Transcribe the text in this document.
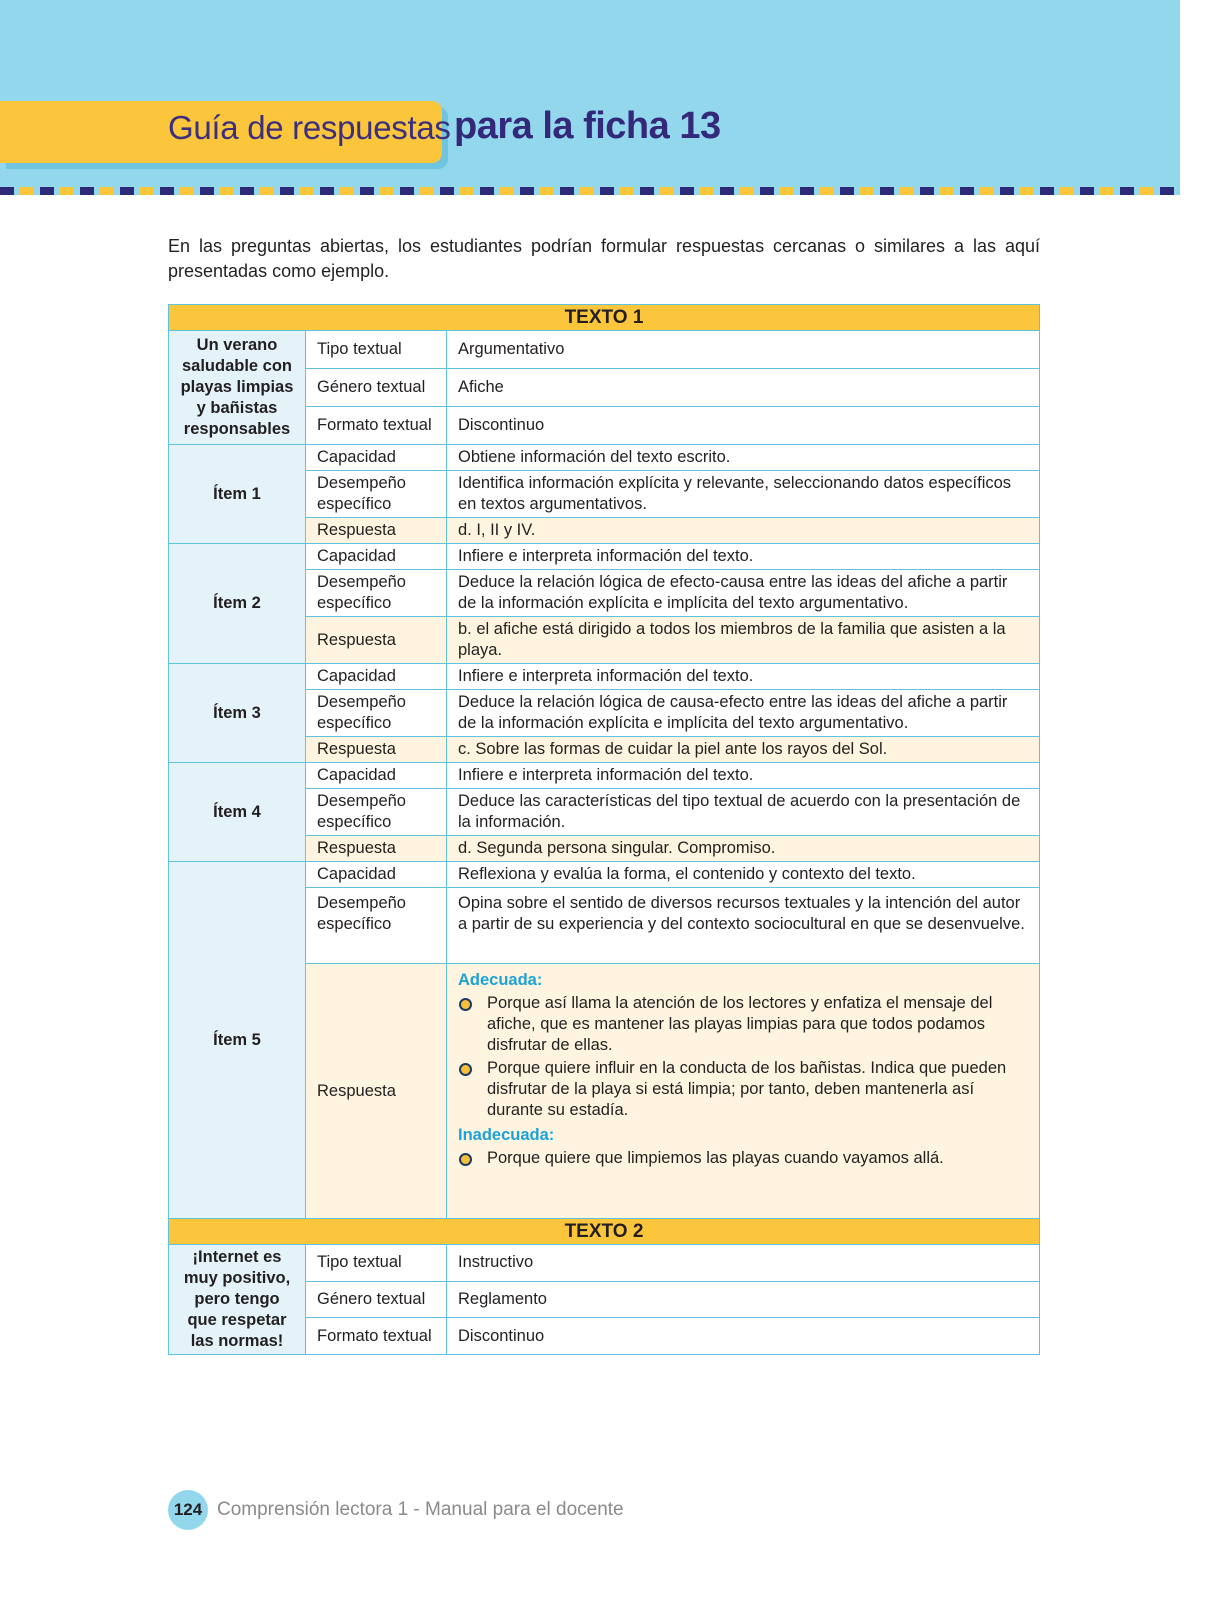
Guía de respuestas para la ficha 13

En las preguntas abiertas, los estudiantes podrían formular respuestas cercanas o similares a las aquí presentadas como ejemplo.

TEXTO 1		
Un verano saludable con playas limpias y bañistas responsables	Tipo textual	Argumentativo
	Género textual	Afiche
	Formato textual	Discontinuo
Ítem 1	Capacidad	Obtiene información del texto escrito.
	Desempeño específico	Identifica información explícita y relevante, seleccionando datos específicos en textos argumentativos.
	Respuesta	d. I, II y IV.
Ítem 2	Capacidad	Infiere e interpreta información del texto.
	Desempeño específico	Deduce la relación lógica de efecto-causa entre las ideas del afiche a partir de la información explícita e implícita del texto argumentativo.
	Respuesta	b. el afiche está dirigido a todos los miembros de la familia que asisten a la playa.
Ítem 3	Capacidad	Infiere e interpreta información del texto.
	Desempeño específico	Deduce la relación lógica de causa-efecto entre las ideas del afiche a partir de la información explícita e implícita del texto argumentativo.
	Respuesta	c. Sobre las formas de cuidar la piel ante los rayos del Sol.
Ítem 4	Capacidad	Infiere e interpreta información del texto.
	Desempeño específico	Deduce las características del tipo textual de acuerdo con la presentación de la información.
	Respuesta	d. Segunda persona singular. Compromiso.
Ítem 5	Capacidad	Reflexiona y evalúa la forma, el contenido y contexto del texto.
	Desempeño específico	Opina sobre el sentido de diversos recursos textuales y la intención del autor a partir de su experiencia y del contexto sociocultural en que se desenvuelve.
	Respuesta	Adecuada:
Porque así llama la atención de los lectores y enfatiza el mensaje del afiche, que es mantener las playas limpias para que todos podamos disfrutar de ellas.
Porque quiere influir en la conducta de los bañistas. Indica que pueden disfrutar de la playa si está limpia; por tanto, deben mantenerla así durante su estadía.
Inadecuada:
Porque quiere que limpiemos las playas cuando vayamos allá.

TEXTO 2		
¡Internet es muy positivo, pero tengo que respetar las normas!	Tipo textual	Instructivo
	Género textual	Reglamento
	Formato textual	Discontinuo
124 Comprensión lectora 1 - Manual para el docente
